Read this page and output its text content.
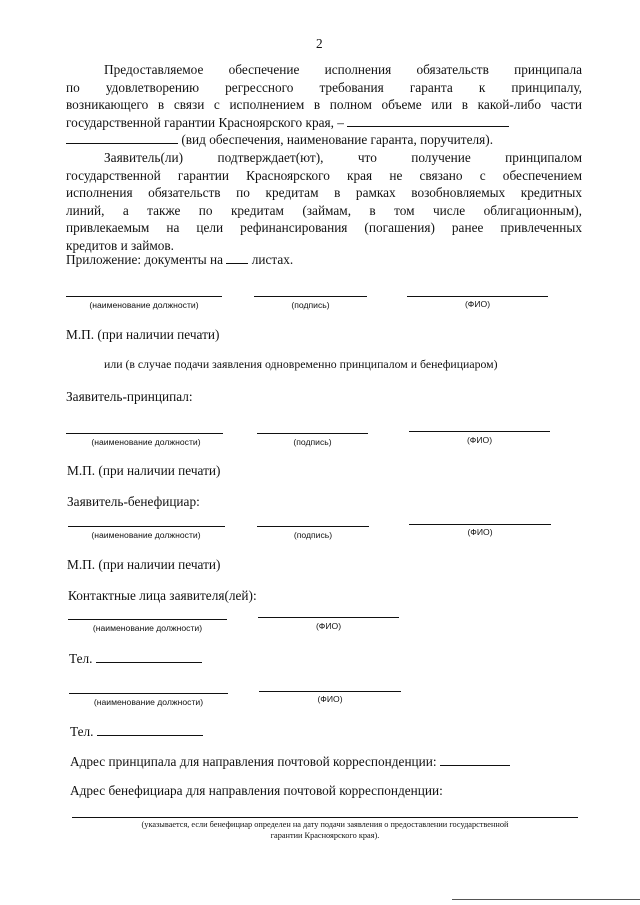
2
Предоставляемое обеспечение исполнения обязательств принципала
по удовлетворению регрессного требования гаранта к принципалу,
возникающего в связи с исполнением в полном объеме или в какой-либо части
государственной гарантии Красноярского края, –
(вид обеспечения, наименование гаранта, поручителя).
Заявитель(ли) подтверждает(ют), что получение принципалом
государственной гарантии Красноярского края не связано с обеспечением
исполнения обязательств по кредитам в рамках возобновляемых кредитных
линий, а также по кредитам (займам, в том числе облигационным),
привлекаемым на цели рефинансирования (погашения) ранее привлеченных
кредитов и займов.
Приложение: документы на листах.
(наименование должности)	(подпись)	(ФИО)
М.П. (при наличии печати)
или (в случае подачи заявления одновременно принципалом и бенефициаром)
Заявитель-принципал:
(наименование должности)	(подпись)	(ФИО)
М.П. (при наличии печати)
Заявитель-бенефициар:
(наименование должности)	(подпись)	(ФИО)
М.П. (при наличии печати)
Контактные лица заявителя(лей):
(наименование должности)	(ФИО)
Тел.
(наименование должности)	(ФИО)
Тел.
Адрес принципала для направления почтовой корреспонденции:
Адрес бенефициара для направления почтовой корреспонденции:
(указывается, если бенефициар определен на дату подачи заявления о предоставлении государственной
гарантии Красноярского края).
